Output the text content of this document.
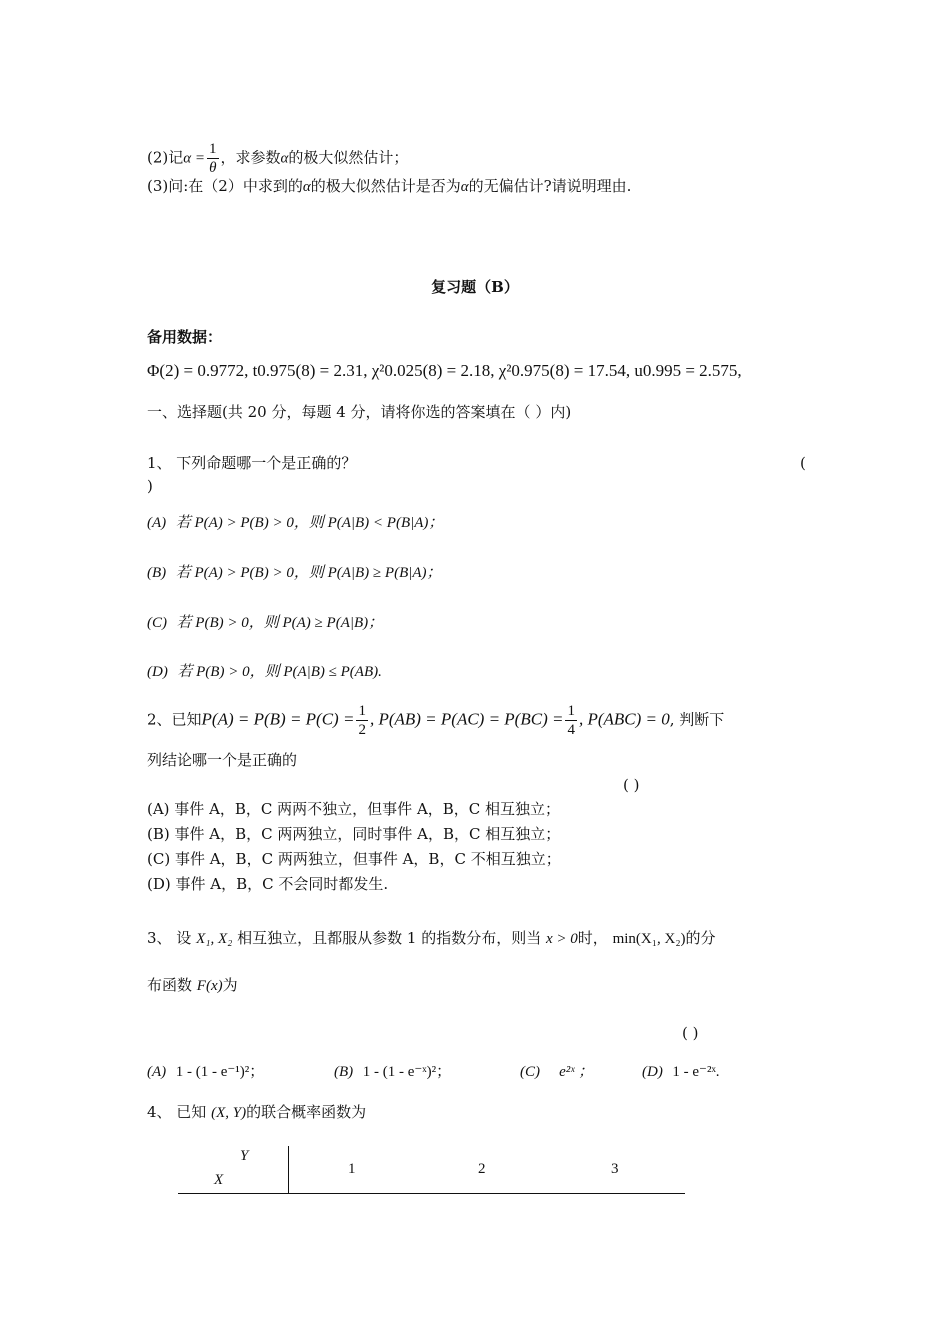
(2)记$\alpha = \frac{1}{\theta}$ ，求参数α的极大似然估计；
(3)问:在（2）中求到的α的极大似然估计是否为α的无偏估计?请说明理由.
复习题（B）
备用数据：
Φ(2) = 0.9772, t0.975(8) = 2.31, χ²0.025(8) = 2.18, χ²0.975(8) = 17.54, u0.995 = 2.575,
一、选择题(共 20 分，每题 4 分，请将你选的答案填在（ ）内)
1、 下列命题哪一个是正确的？	(
)
(A) 若 P(A) > P(B) > 0，则 P(A|B) < P(B|A)；
(B) 若 P(A) > P(B) > 0，则 P(A|B) ≥ P(B|A)；
(C) 若 P(B) > 0，则 P(A) ≥ P(A|B)；
(D) 若 P(B) > 0，则 P(A|B) ≤ P(AB).
2、已知$P(A) = P(B) = P(C) = \frac{1}{2}$ , $P(AB) = P(AC) = P(BC) = \frac{1}{4}$ , P(ABC) = 0, 判断下
列结论哪一个是正确的
( )
(A) 事件 A，B，C 两两不独立，但事件 A，B，C 相互独立；
(B) 事件 A，B，C 两两独立，同时事件 A，B，C 相互独立；
(C) 事件 A，B，C 两两独立，但事件 A，B，C 不相互独立；
(D) 事件 A，B，C 不会同时都发生.
3、 设 X₁, X₂ 相互独立，且都服从参数 1 的指数分布，则当 x > 0时， min(X₁, X₂)的分
布函数 F(x)为
( )
(A) 1 - (1 - e⁻¹)²；	(B) 1 - (1 - e⁻ˣ)²；	(C) e²ˣ ；	(D) 1 - e⁻²ˣ.
4、 已知 (X, Y)的联合概率函数为
Y
X
1	2	3
